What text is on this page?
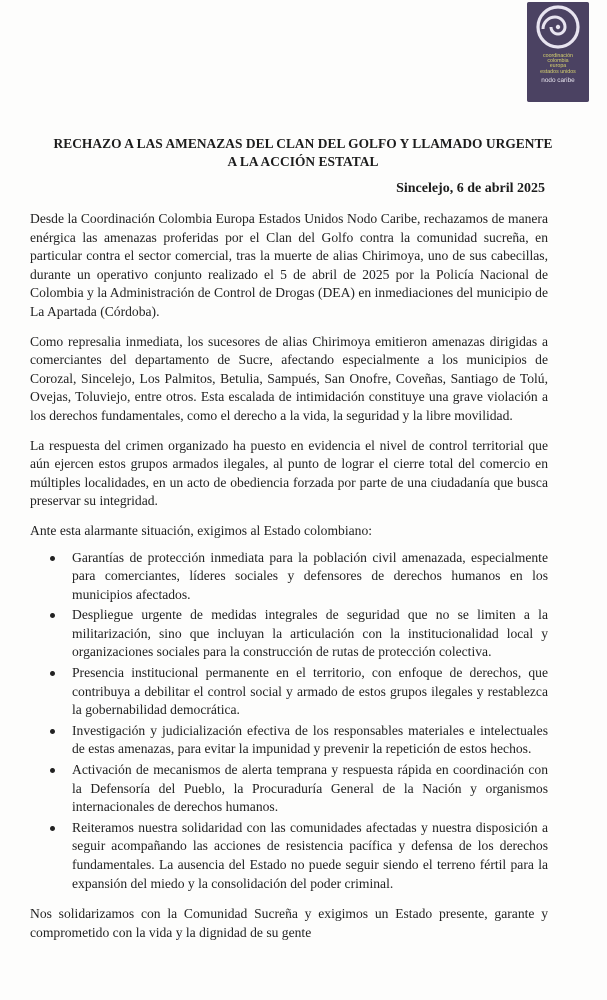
coordinación
colombia
europa
estados unidos
nodo caribe
RECHAZO A LAS AMENAZAS DEL CLAN DEL GOLFO Y LLAMADO URGENTE
A LA ACCIÓN ESTATAL
Sincelejo, 6 de abril 2025

Desde la Coordinación Colombia Europa Estados Unidos Nodo Caribe, rechazamos de manera enérgica las amenazas proferidas por el Clan del Golfo contra la comunidad sucreña, en particular contra el sector comercial, tras la muerte de alias Chirimoya, uno de sus cabecillas, durante un operativo conjunto realizado el 5 de abril de 2025 por la Policía Nacional de Colombia y la Administración de Control de Drogas (DEA) en inmediaciones del municipio de La Apartada (Córdoba).

Como represalia inmediata, los sucesores de alias Chirimoya emitieron amenazas dirigidas a comerciantes del departamento de Sucre, afectando especialmente a los municipios de Corozal, Sincelejo, Los Palmitos, Betulia, Sampués, San Onofre, Coveñas, Santiago de Tolú, Ovejas, Toluviejo, entre otros. Esta escalada de intimidación constituye una grave violación a los derechos fundamentales, como el derecho a la vida, la seguridad y la libre movilidad.

La respuesta del crimen organizado ha puesto en evidencia el nivel de control territorial que aún ejercen estos grupos armados ilegales, al punto de lograr el cierre total del comercio en múltiples localidades, en un acto de obediencia forzada por parte de una ciudadanía que busca preservar su integridad.

Ante esta alarmante situación, exigimos al Estado colombiano:

Garantías de protección inmediata para la población civil amenazada, especialmente para comerciantes, líderes sociales y defensores de derechos humanos en los municipios afectados.
Despliegue urgente de medidas integrales de seguridad que no se limiten a la militarización, sino que incluyan la articulación con la institucionalidad local y organizaciones sociales para la construcción de rutas de protección colectiva.
Presencia institucional permanente en el territorio, con enfoque de derechos, que contribuya a debilitar el control social y armado de estos grupos ilegales y restablezca la gobernabilidad democrática.
Investigación y judicialización efectiva de los responsables materiales e intelectuales de estas amenazas, para evitar la impunidad y prevenir la repetición de estos hechos.
Activación de mecanismos de alerta temprana y respuesta rápida en coordinación con la Defensoría del Pueblo, la Procuraduría General de la Nación y organismos internacionales de derechos humanos.
Reiteramos nuestra solidaridad con las comunidades afectadas y nuestra disposición a seguir acompañando las acciones de resistencia pacífica y defensa de los derechos fundamentales. La ausencia del Estado no puede seguir siendo el terreno fértil para la expansión del miedo y la consolidación del poder criminal.

Nos solidarizamos con la Comunidad Sucreña y exigimos un Estado presente, garante y comprometido con la vida y la dignidad de su gente
